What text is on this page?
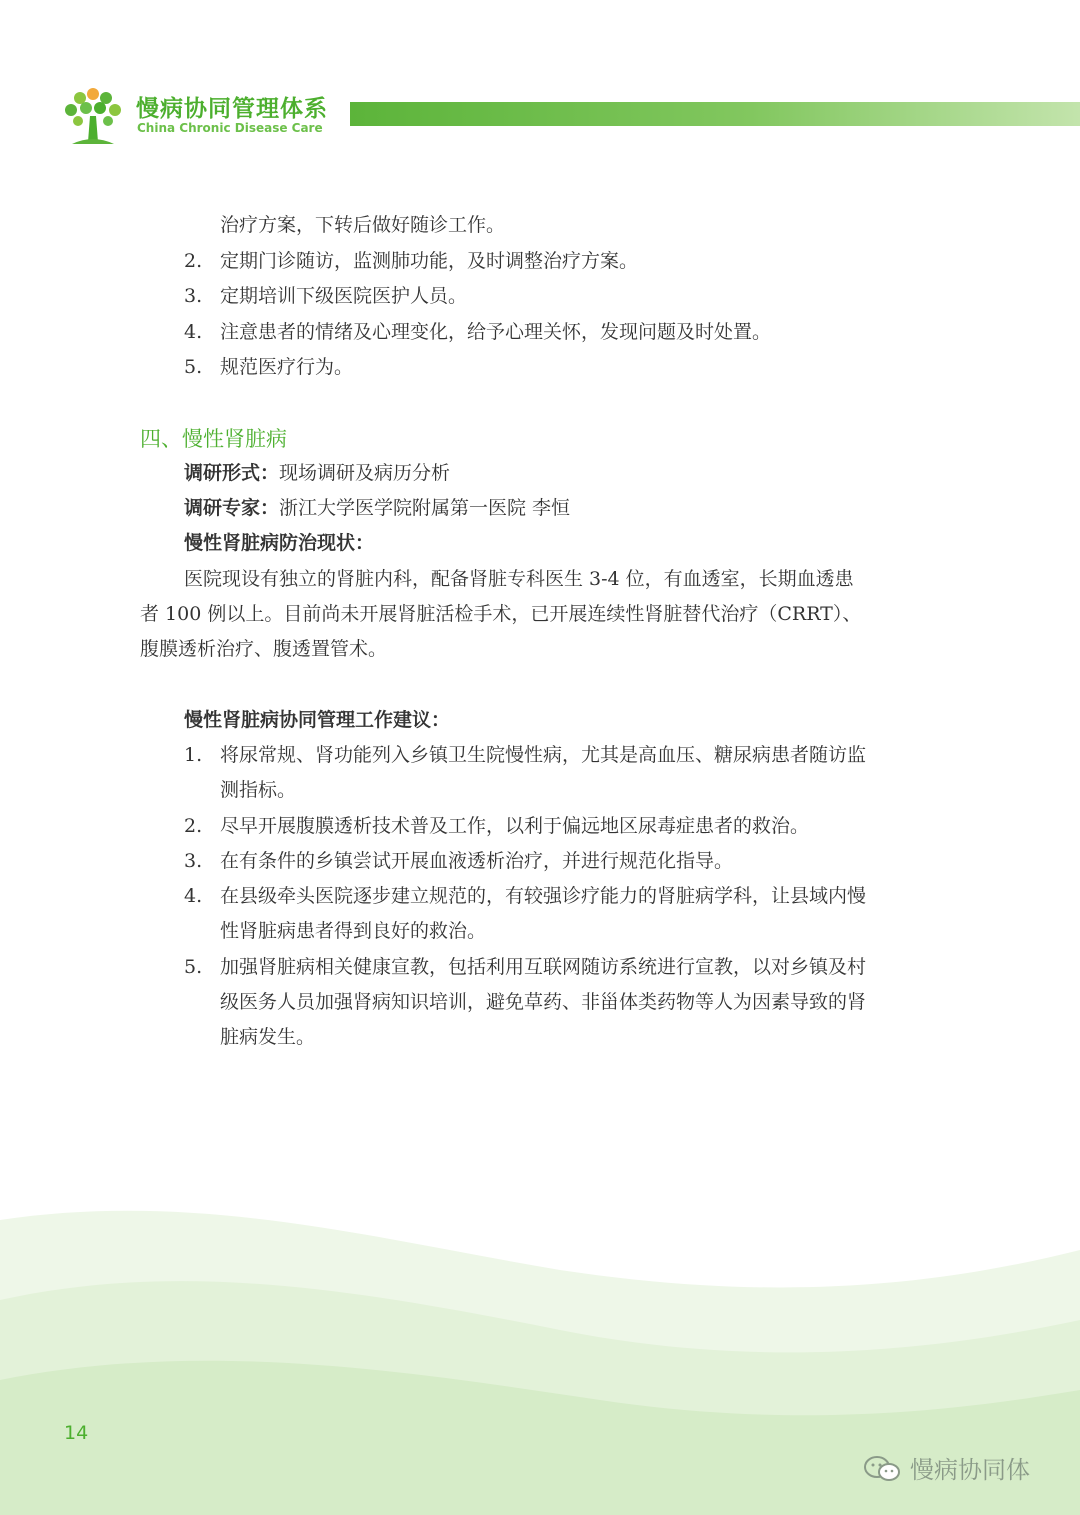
慢病协同管理体系
China Chronic Disease Care
治疗方案，下转后做好随诊工作。
2. 定期门诊随访，监测肺功能，及时调整治疗方案。
3. 定期培训下级医院医护人员。
4. 注意患者的情绪及心理变化，给予心理关怀，发现问题及时处置。
5. 规范医疗行为。
四、慢性肾脏病
调研形式：现场调研及病历分析
调研专家：浙江大学医学院附属第一医院 李恒
慢性肾脏病防治现状：
医院现设有独立的肾脏内科，配备肾脏专科医生 3-4 位，有血透室，长期血透患
者 100 例以上。目前尚未开展肾脏活检手术，已开展连续性肾脏替代治疗（CRRT）、
腹膜透析治疗、腹透置管术。
慢性肾脏病协同管理工作建议：
1. 将尿常规、肾功能列入乡镇卫生院慢性病，尤其是高血压、糖尿病患者随访监
测指标。
2. 尽早开展腹膜透析技术普及工作，以利于偏远地区尿毒症患者的救治。
3. 在有条件的乡镇尝试开展血液透析治疗，并进行规范化指导。
4. 在县级牵头医院逐步建立规范的，有较强诊疗能力的肾脏病学科，让县域内慢
性肾脏病患者得到良好的救治。
5. 加强肾脏病相关健康宣教，包括利用互联网随访系统进行宣教，以对乡镇及村
级医务人员加强肾病知识培训，避免草药、非甾体类药物等人为因素导致的肾
脏病发生。
14
慢病协同体
